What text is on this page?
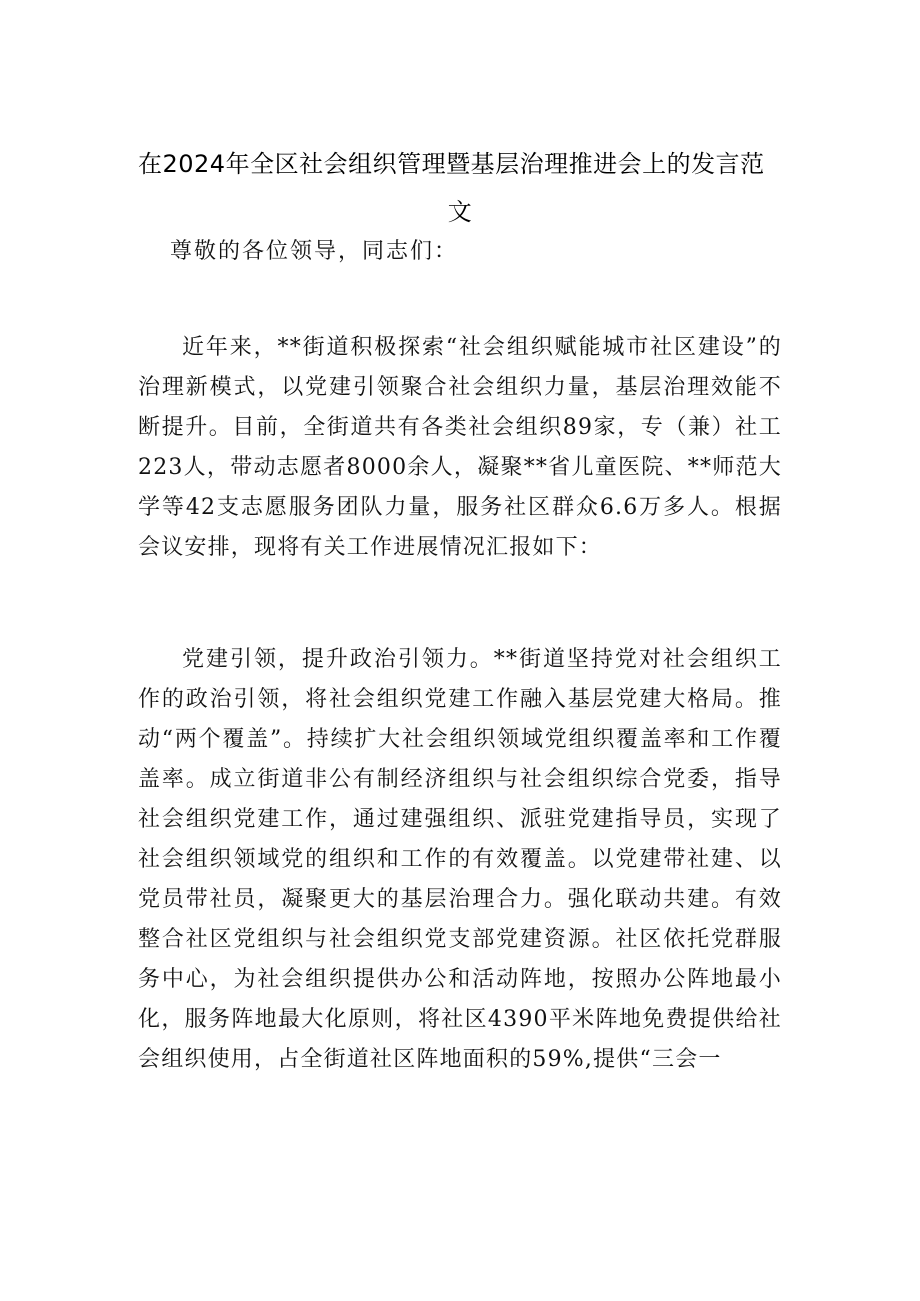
在2024年全区社会组织管理暨基层治理推进会上的发言范
文
尊敬的各位领导，同志们：

近年来，**街道积极探索“社会组织赋能城市社区建设”的治理新模式，以党建引领聚合社会组织力量，基层治理效能不断提升。目前，全街道共有各类社会组织89家，专（兼）社工223人，带动志愿者8000余人，凝聚**省儿童医院、**师范大学等42支志愿服务团队力量，服务社区群众6.6万多人。根据会议安排，现将有关工作进展情况汇报如下：

党建引领，提升政治引领力。**街道坚持党对社会组织工作的政治引领，将社会组织党建工作融入基层党建大格局。推动“两个覆盖”。持续扩大社会组织领域党组织覆盖率和工作覆盖率。成立街道非公有制经济组织与社会组织综合党委，指导社会组织党建工作，通过建强组织、派驻党建指导员，实现了社会组织领域党的组织和工作的有效覆盖。以党建带社建、以党员带社员，凝聚更大的基层治理合力。强化联动共建。有效整合社区党组织与社会组织党支部党建资源。社区依托党群服务中心，为社会组织提供办公和活动阵地，按照办公阵地最小化，服务阵地最大化原则，将社区4390平米阵地免费提供给社会组织使用，占全街道社区阵地面积的59%,提供“三会一
